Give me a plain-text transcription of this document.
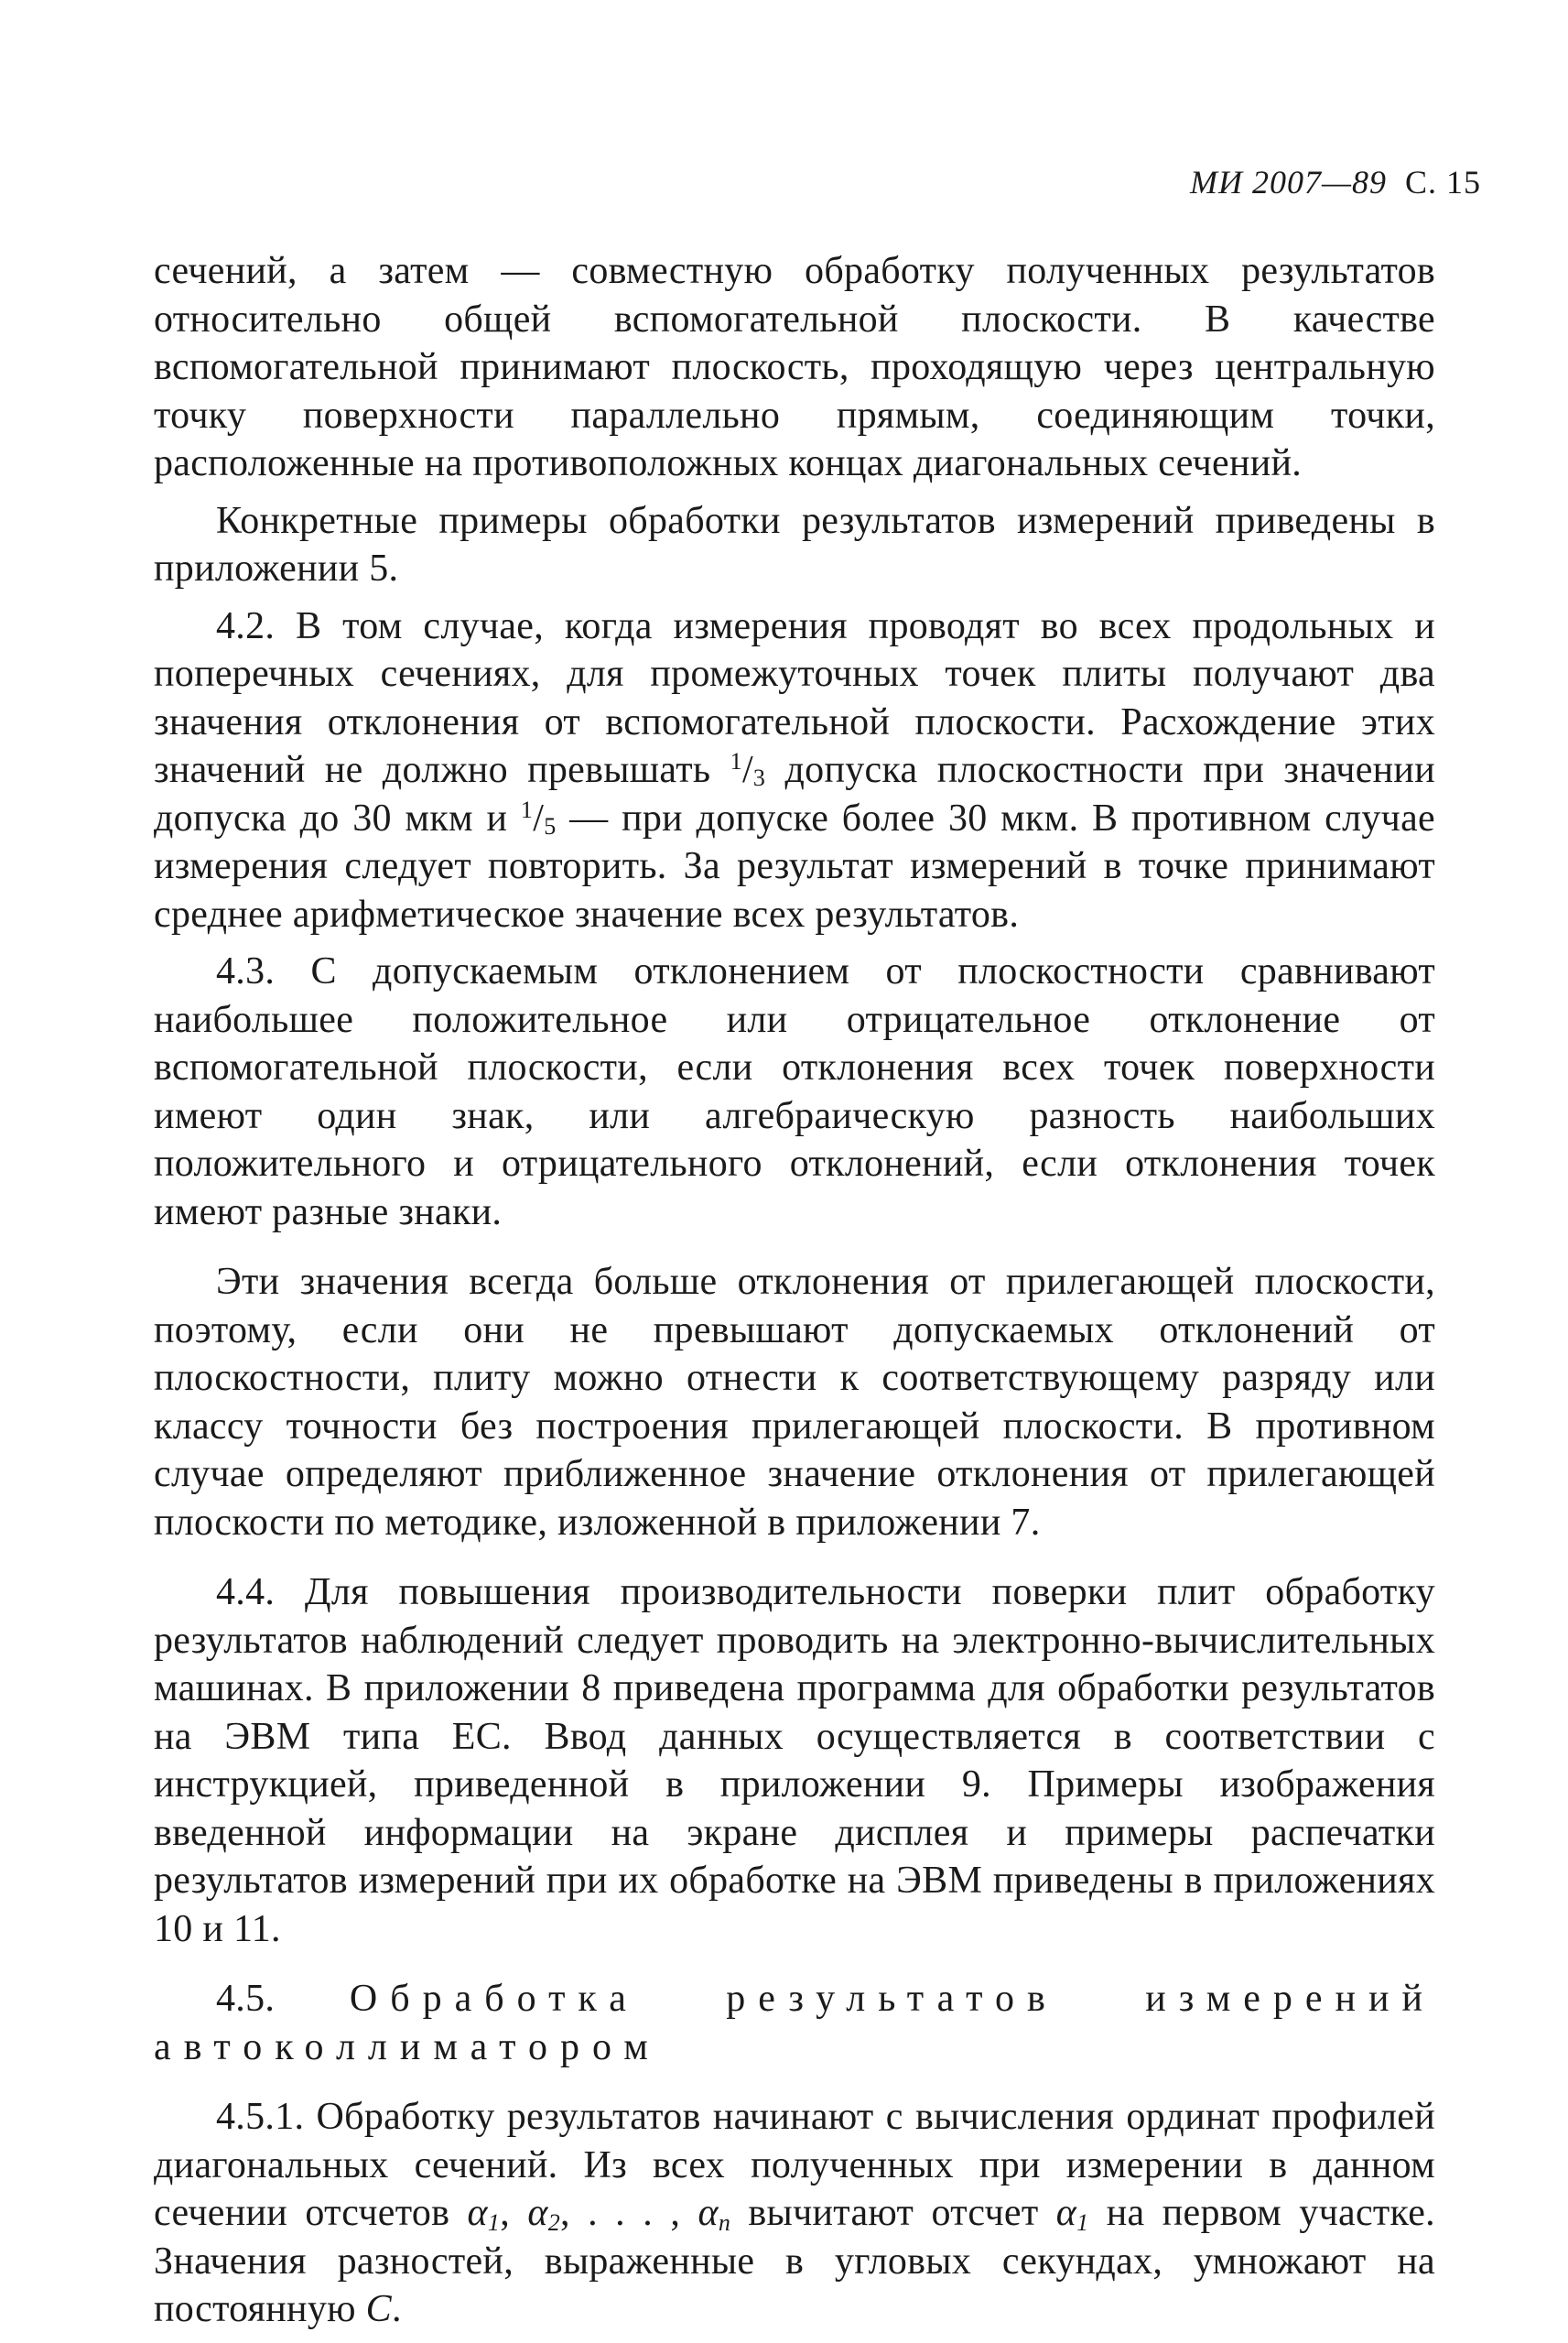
МИ 2007—89 С. 15

сечений, а затем — совместную обработку полученных результатов относительно общей вспомогательной плоскости. В качестве вспомогательной принимают плоскость, проходящую через центральную точку поверхности параллельно прямым, соединяющим точки, расположенные на противоположных концах диагональных сечений.

Конкретные примеры обработки результатов измерений приведены в приложении 5.

4.2. В том случае, когда измерения проводят во всех продольных и поперечных сечениях, для промежуточных точек плиты получают два значения отклонения от вспомогательной плоскости. Расхождение этих значений не должно превышать $^1/_3$ допуска плоскостности при значении допуска до 30 мкм и $^1/_5$ — при допуске более 30 мкм. В противном случае измерения следует повторить. За результат измерений в точке принимают среднее арифметическое значение всех результатов.

4.3. С допускаемым отклонением от плоскостности сравнивают наибольшее положительное или отрицательное отклонение от вспомогательной плоскости, если отклонения всех точек поверхности имеют один знак, или алгебраическую разность наибольших положительного и отрицательного отклонений, если отклонения точек имеют разные знаки.

Эти значения всегда больше отклонения от прилегающей плоскости, поэтому, если они не превышают допускаемых отклонений от плоскостности, плиту можно отнести к соответствующему разряду или классу точности без построения прилегающей плоскости. В противном случае определяют приближенное значение отклонения от прилегающей плоскости по методике, изложенной в приложении 7.

4.4. Для повышения производительности поверки плит обработку результатов наблюдений следует проводить на электронно-вычислительных машинах. В приложении 8 приведена программа для обработки результатов на ЭВМ типа ЕС. Ввод данных осуществляется в соответствии с инструкцией, приведенной в приложении 9. Примеры изображения введенной информации на экране дисплея и примеры распечатки результатов измерений при их обработке на ЭВМ приведены в приложениях 10 и 11.

4.5. Обработка результатов измерений автоколлиматором

4.5.1. Обработку результатов начинают с вычисления ординат профилей диагональных сечений. Из всех полученных при измерении в данном сечении отсчетов $\alpha_1$, $\alpha_2$, . . . , $\alpha_n$ вычитают отсчет $\alpha_1$ на первом участке. Значения разностей, выраженные в угловых секундах, умножают на постоянную C.
